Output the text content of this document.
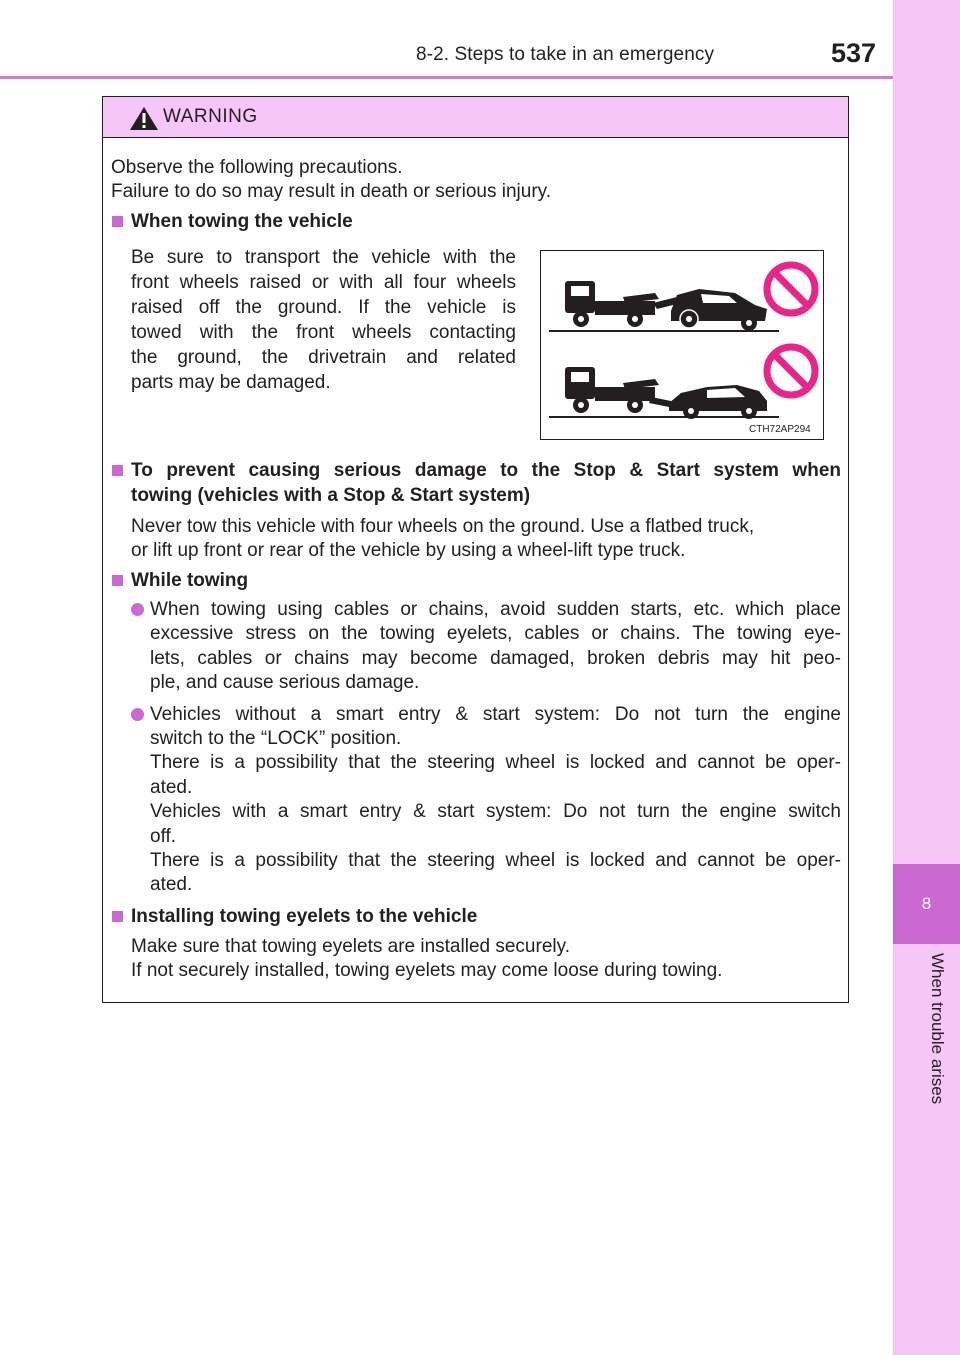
8-2. Steps to take in an emergency	537
8
When trouble arises
WARNING

Observe the following precautions.

Failure to do so may result in death or serious injury.

When towing the vehicle

Be sure to transport the vehicle with the

front wheels raised or with all four wheels

raised off the ground. If the vehicle is

towed with the front wheels contacting

the ground, the drivetrain and related

parts may be damaged.

CTH72AP294

To prevent causing serious damage to the Stop & Start system when

towing (vehicles with a Stop & Start system)

Never tow this vehicle with four wheels on the ground. Use a flatbed truck,

or lift up front or rear of the vehicle by using a wheel-lift type truck.

While towing

When towing using cables or chains, avoid sudden starts, etc. which place

excessive stress on the towing eyelets, cables or chains. The towing eye-

lets, cables or chains may become damaged, broken debris may hit peo-

ple, and cause serious damage.

Vehicles without a smart entry & start system: Do not turn the engine

switch to the “LOCK” position.

There is a possibility that the steering wheel is locked and cannot be oper-

ated.

Vehicles with a smart entry & start system: Do not turn the engine switch

off.

There is a possibility that the steering wheel is locked and cannot be oper-

ated.

Installing towing eyelets to the vehicle

Make sure that towing eyelets are installed securely.

If not securely installed, towing eyelets may come loose during towing.
